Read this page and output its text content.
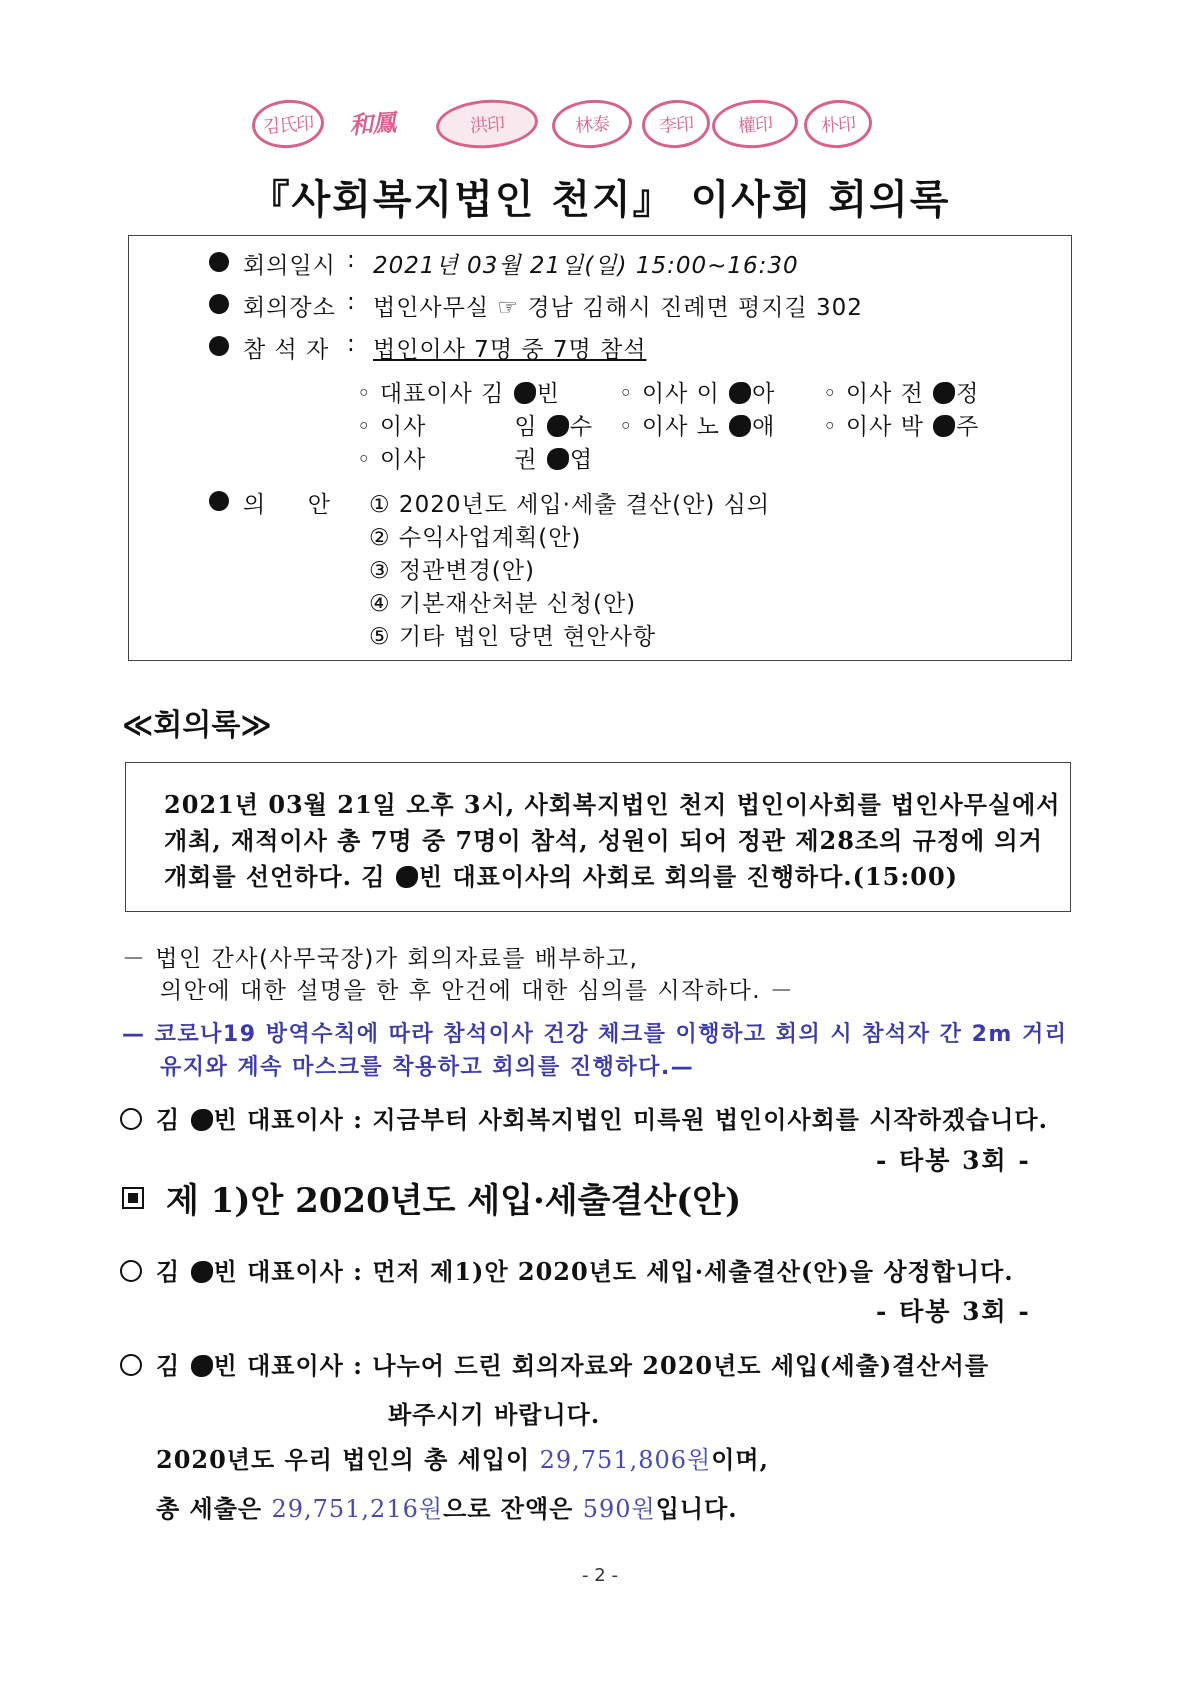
김氏印	和鳳	洪印	林泰	李印	權印	朴印
『사회복지법인 천지』 이사회 회의록
회의일시 : 2021년 03월 21일(일) 15:00~16:30
회의장소 : 법인사무실 ☞ 경남 김해시 진례면 평지길 302
참 석 자 : 법인이사 7명 중 7명 참석
◦ 대표이사 김 빈	◦ 이사 이 아 ◦ 이사 전 정
◦ 이사	임 수 ◦ 이사 노 애 ◦ 이사 박 주
◦ 이사	권 엽
의     안 ① 2020년도 세입·세출 결산(안) 심의
② 수익사업계획(안)
③ 정관변경(안)
④ 기본재산처분 신청(안)
⑤ 기타 법인 당면 현안사항
≪회의록≫
2021년 03월 21일 오후 3시, 사회복지법인 천지 법인이사회를 법인사무실에서
개최, 재적이사 총 7명 중 7명이 참석, 성원이 되어 정관 제28조의 규정에 의거
개회를 선언하다. 김 빈 대표이사의 사회로 회의를 진행하다.(15:00)
－ 법인 간사(사무국장)가 회의자료를 배부하고,
의안에 대한 설명을 한 후 안건에 대한 심의를 시작하다. －
— 코로나19 방역수칙에 따라 참석이사 건강 체크를 이행하고 회의 시 참석자 간 2m 거리
유지와 계속 마스크를 착용하고 회의를 진행하다.—
김 빈 대표이사 : 지금부터 사회복지법인 미륵원 법인이사회를 시작하겠습니다.
- 타봉 3회 -
제 1)안 2020년도 세입·세출결산(안)
김 빈 대표이사 : 먼저 제1)안 2020년도 세입·세출결산(안)을 상정합니다.
- 타봉 3회 -
김 빈 대표이사 : 나누어 드린 회의자료와 2020년도 세입(세출)결산서를
봐주시기 바랍니다.
2020년도 우리 법인의 총 세입이 29,751,806원이며,
총 세출은 29,751,216원으로 잔액은 590원입니다.
- 2 -
